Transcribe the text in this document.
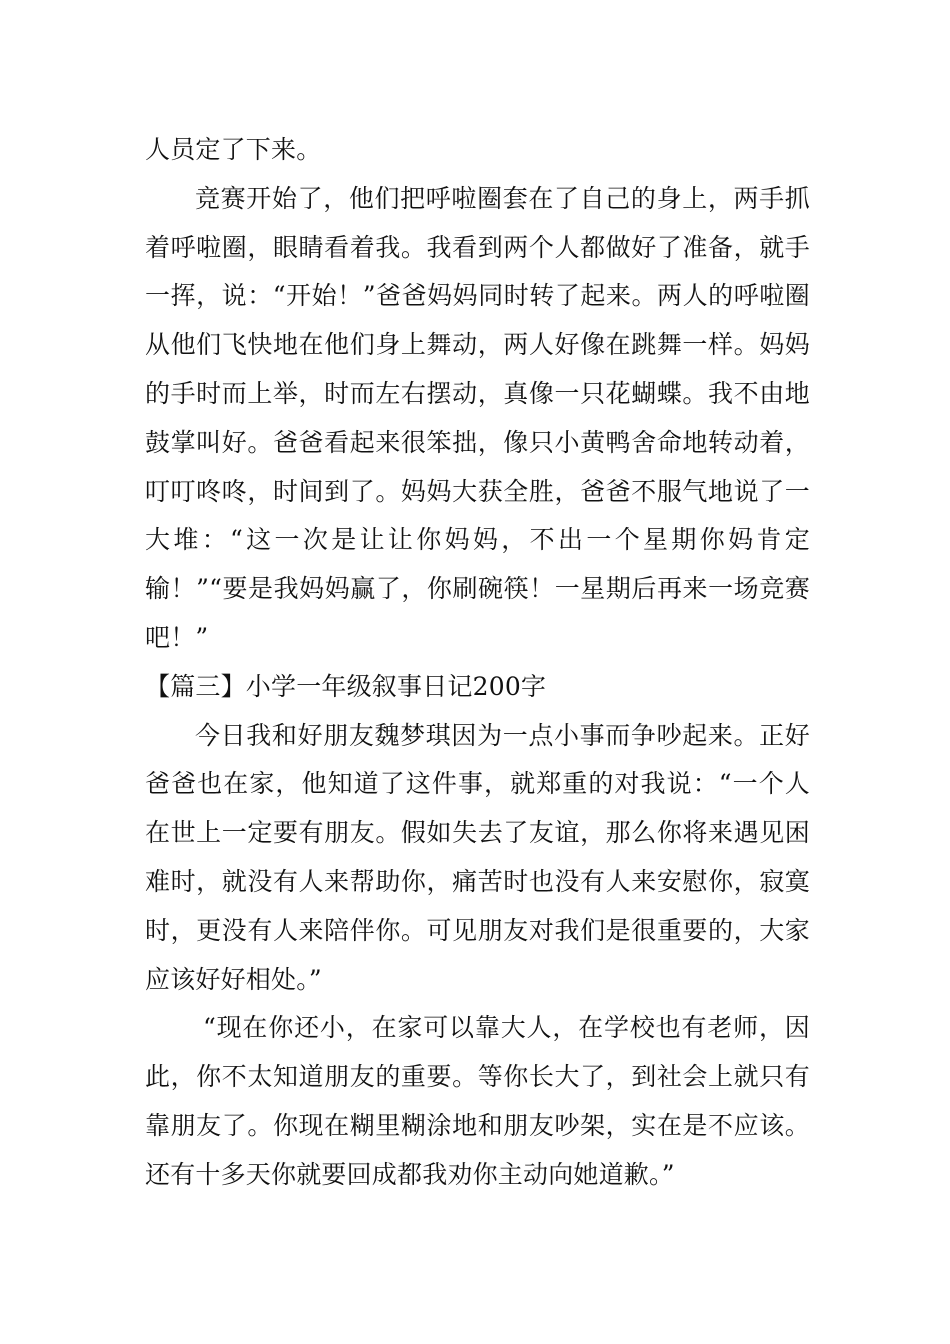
人员定了下来。

竞赛开始了，他们把呼啦圈套在了自己的身上，两手抓着呼啦圈，眼睛看着我。我看到两个人都做好了准备，就手一挥，说：“开始！”爸爸妈妈同时转了起来。两人的呼啦圈从他们飞快地在他们身上舞动，两人好像在跳舞一样。妈妈的手时而上举，时而左右摆动，真像一只花蝴蝶。我不由地鼓掌叫好。爸爸看起来很笨拙，像只小黄鸭舍命地转动着，叮叮咚咚，时间到了。妈妈大获全胜，爸爸不服气地说了一大堆：“这一次是让让你妈妈，不出一个星期你妈肯定输！”“要是我妈妈赢了，你刷碗筷！一星期后再来一场竞赛吧！”

【篇三】小学一年级叙事日记200字

今日我和好朋友魏梦琪因为一点小事而争吵起来。正好爸爸也在家，他知道了这件事，就郑重的对我说：“一个人在世上一定要有朋友。假如失去了友谊，那么你将来遇见困难时，就没有人来帮助你，痛苦时也没有人来安慰你，寂寞时，更没有人来陪伴你。可见朋友对我们是很重要的，大家应该好好相处。”

“现在你还小，在家可以靠大人，在学校也有老师，因此，你不太知道朋友的重要。等你长大了，到社会上就只有靠朋友了。你现在糊里糊涂地和朋友吵架，实在是不应该。还有十多天你就要回成都我劝你主动向她道歉。”
